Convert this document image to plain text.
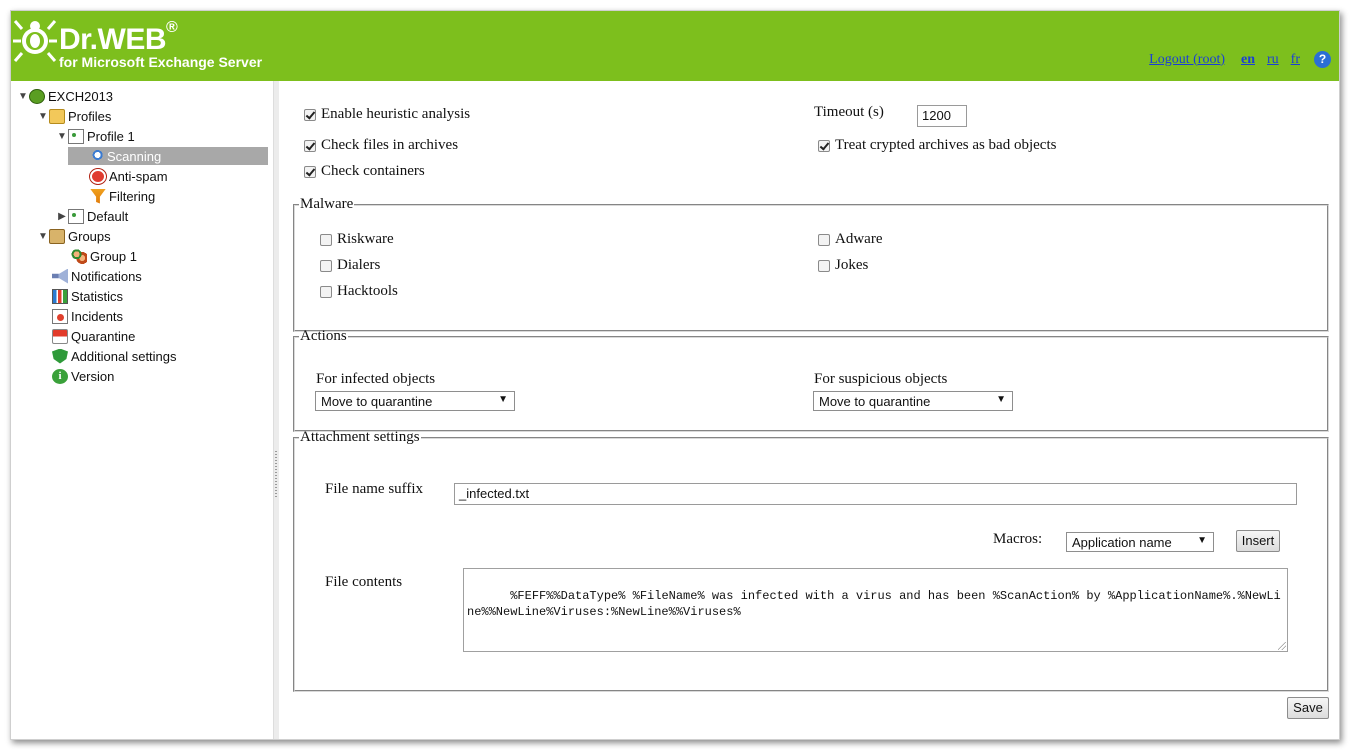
Dr.WEB®
for Microsoft Exchange Server	Logout (root) en ru fr	?
▼ EXCH2013
▼ Profiles
▼ Profile 1
Scanning
Anti-spam
Filtering
▶ Default
▼ Groups
Group 1
Notifications
Statistics
Incidents
Quarantine
Additional settings
i Version
Enable heuristic analysis
Check files in archives
Check containers
Timeout (s)	1200
Treat crypted archives as bad objects
Malware
Riskware
Dialers
Hacktools
Adware
Jokes
Actions
For infected objects
Move to quarantine	▼
For suspicious objects
Move to quarantine	▼
Attachment settings
File name suffix	_infected.txt
Macros: Application name	▼	Insert
File contents

%FEFF%%DataType% %FileName% was infected with a virus and has been %ScanAction% by %ApplicationName%.%NewLine%%NewLine%Viruses:%NewLine%%Viruses%

Save
